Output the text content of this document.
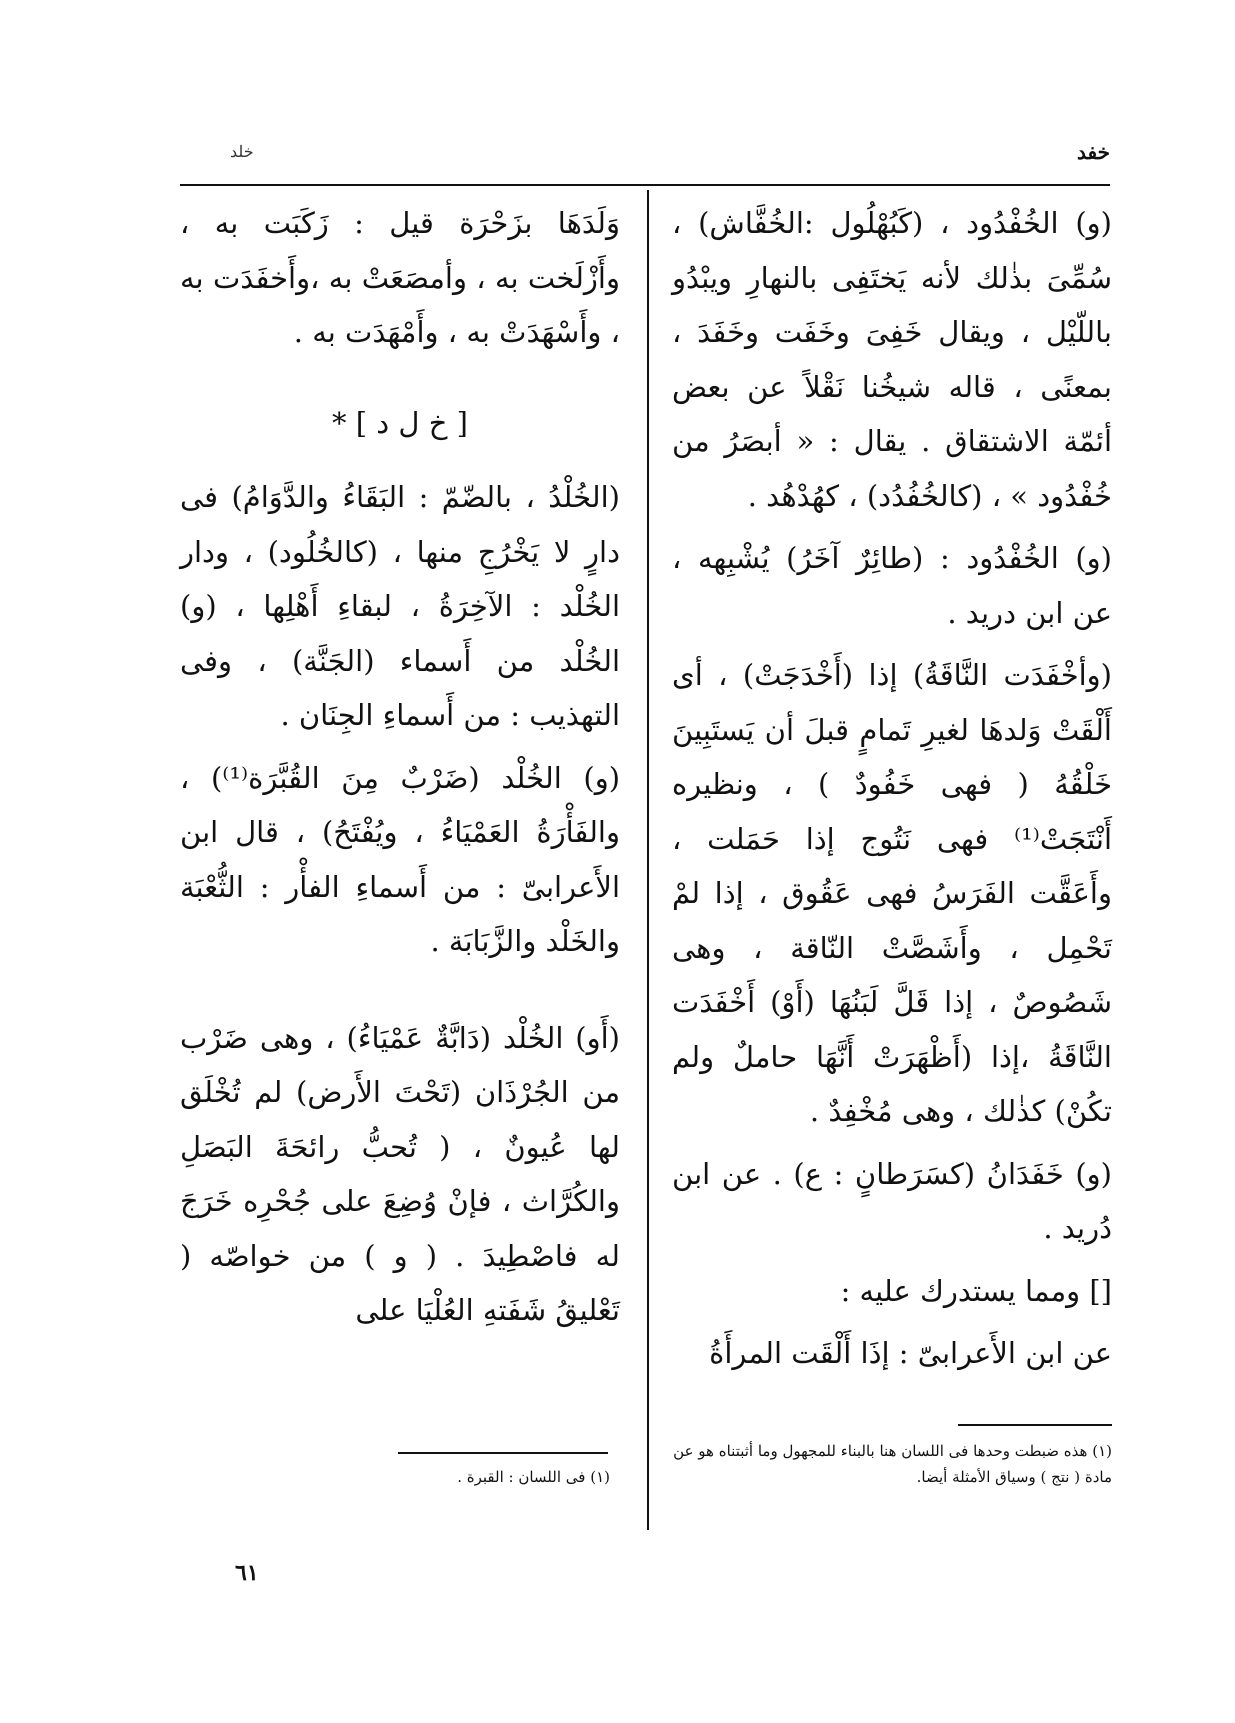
خفد
خلد

(و) الخُفْدُود ، (كَبُهْلُول :الخُفَّاش) ، سُمِّىَ بذٰلك لأنه يَختَفِى بالنهارِ ويبْدُو باللّيْل ، ويقال خَفِىَ وخَفَت وخَفَدَ ، بمعنًى ، قاله شيخُنا نَقْلاً عن بعض أئمّة الاشتقاق . يقال : « أبصَرُ من خُفْدُود » ، (كالخُفُدُد) ، كهُدْهُد .

(و) الخُفْدُود : (طائِرٌ آخَرُ) يُشْبِهه ، عن ابن دريد .

(وأخْفَدَت النَّاقَةُ) إذا (أَخْدَجَتْ) ، أى أَلْقَتْ وَلدهَا لغيرِ تَمامٍ قبلَ أن يَستَبِينَ خَلْقُهُ ( فهى خَفُودٌ ) ، ونظيره أَنْتَجَتْ⁽¹⁾ فهى نَتُوج إذا حَمَلت ، وأَعَقَّت الفَرَسُ فهى عَقُوق ، إذا لمْ تَحْمِل ، وأَشَصَّتْ النّاقة ، وهى شَصُوصٌ ، إذا قَلَّ لَبَنُهَا (أَوْ) أَخْفَدَت النَّاقَةُ ،إذا (أَظْهَرَتْ أَنَّهَا حاملٌ ولم تكُنْ) كذٰلك ، وهى مُخْفِدٌ .

(و) خَفَدَانُ (كسَرَطانٍ : ع) . عن ابن دُريد .

[] ومما يستدرك عليه :

عن ابن الأَعرابىّ : إذَا أَلْقَت المرأَةُ

وَلَدَهَا بزَحْرَة قيل : زَكَبَت به ، وأَزْلَخت به ، وأمصَعَتْ به ،وأَخفَدَت به ، وأَسْهَدَتْ به ، وأَمْهَدَت به .

[ خ ل د ] *

(الخُلْدُ ، بالضّمّ : البَقَاءُ والدَّوَامُ) فى دارٍ لا يَخْرُجِ منها ، (كالخُلُود) ، ودار الخُلْد : الآخِرَةُ ، لبقاءِ أَهْلِها ، (و) الخُلْد من أَسماء (الجَنَّة) ، وفى التهذيب : من أَسماءِ الجِنَان .

(و) الخُلْد (ضَرْبٌ مِنَ القُبَّرَة⁽¹⁾) ، والفَأْرَةُ العَمْيَاءُ ، ويُفْتَحُ) ، قال ابن الأَعرابىّ : من أَسماءِ الفأْر : الثُّعْبَة والخَلْد والزَّبَابَة .

(أَو) الخُلْد (دَابَّةٌ عَمْيَاءُ) ، وهى ضَرْب من الجُرْذَان (تَحْتَ الأَرض) لم تُخْلَق لها عُيونٌ ، ( تُحبُّ رائحَةَ البَصَلِ والكُرَّاث ، فإنْ وُضِعَ على جُحْرِه خَرَجَ له فاصْطِيدَ . ( و ) من خواصّه ( تَعْليقُ شَفَتهِ العُلْيَا على

(١) هذه ضبطت وحدها فى اللسان هنا بالبناء للمجهول وما أثبتناه هو عن مادة ( نتج ) وسياق الأمثلة أيضا.
(١) فى اللسان : القبرة .
٦١
